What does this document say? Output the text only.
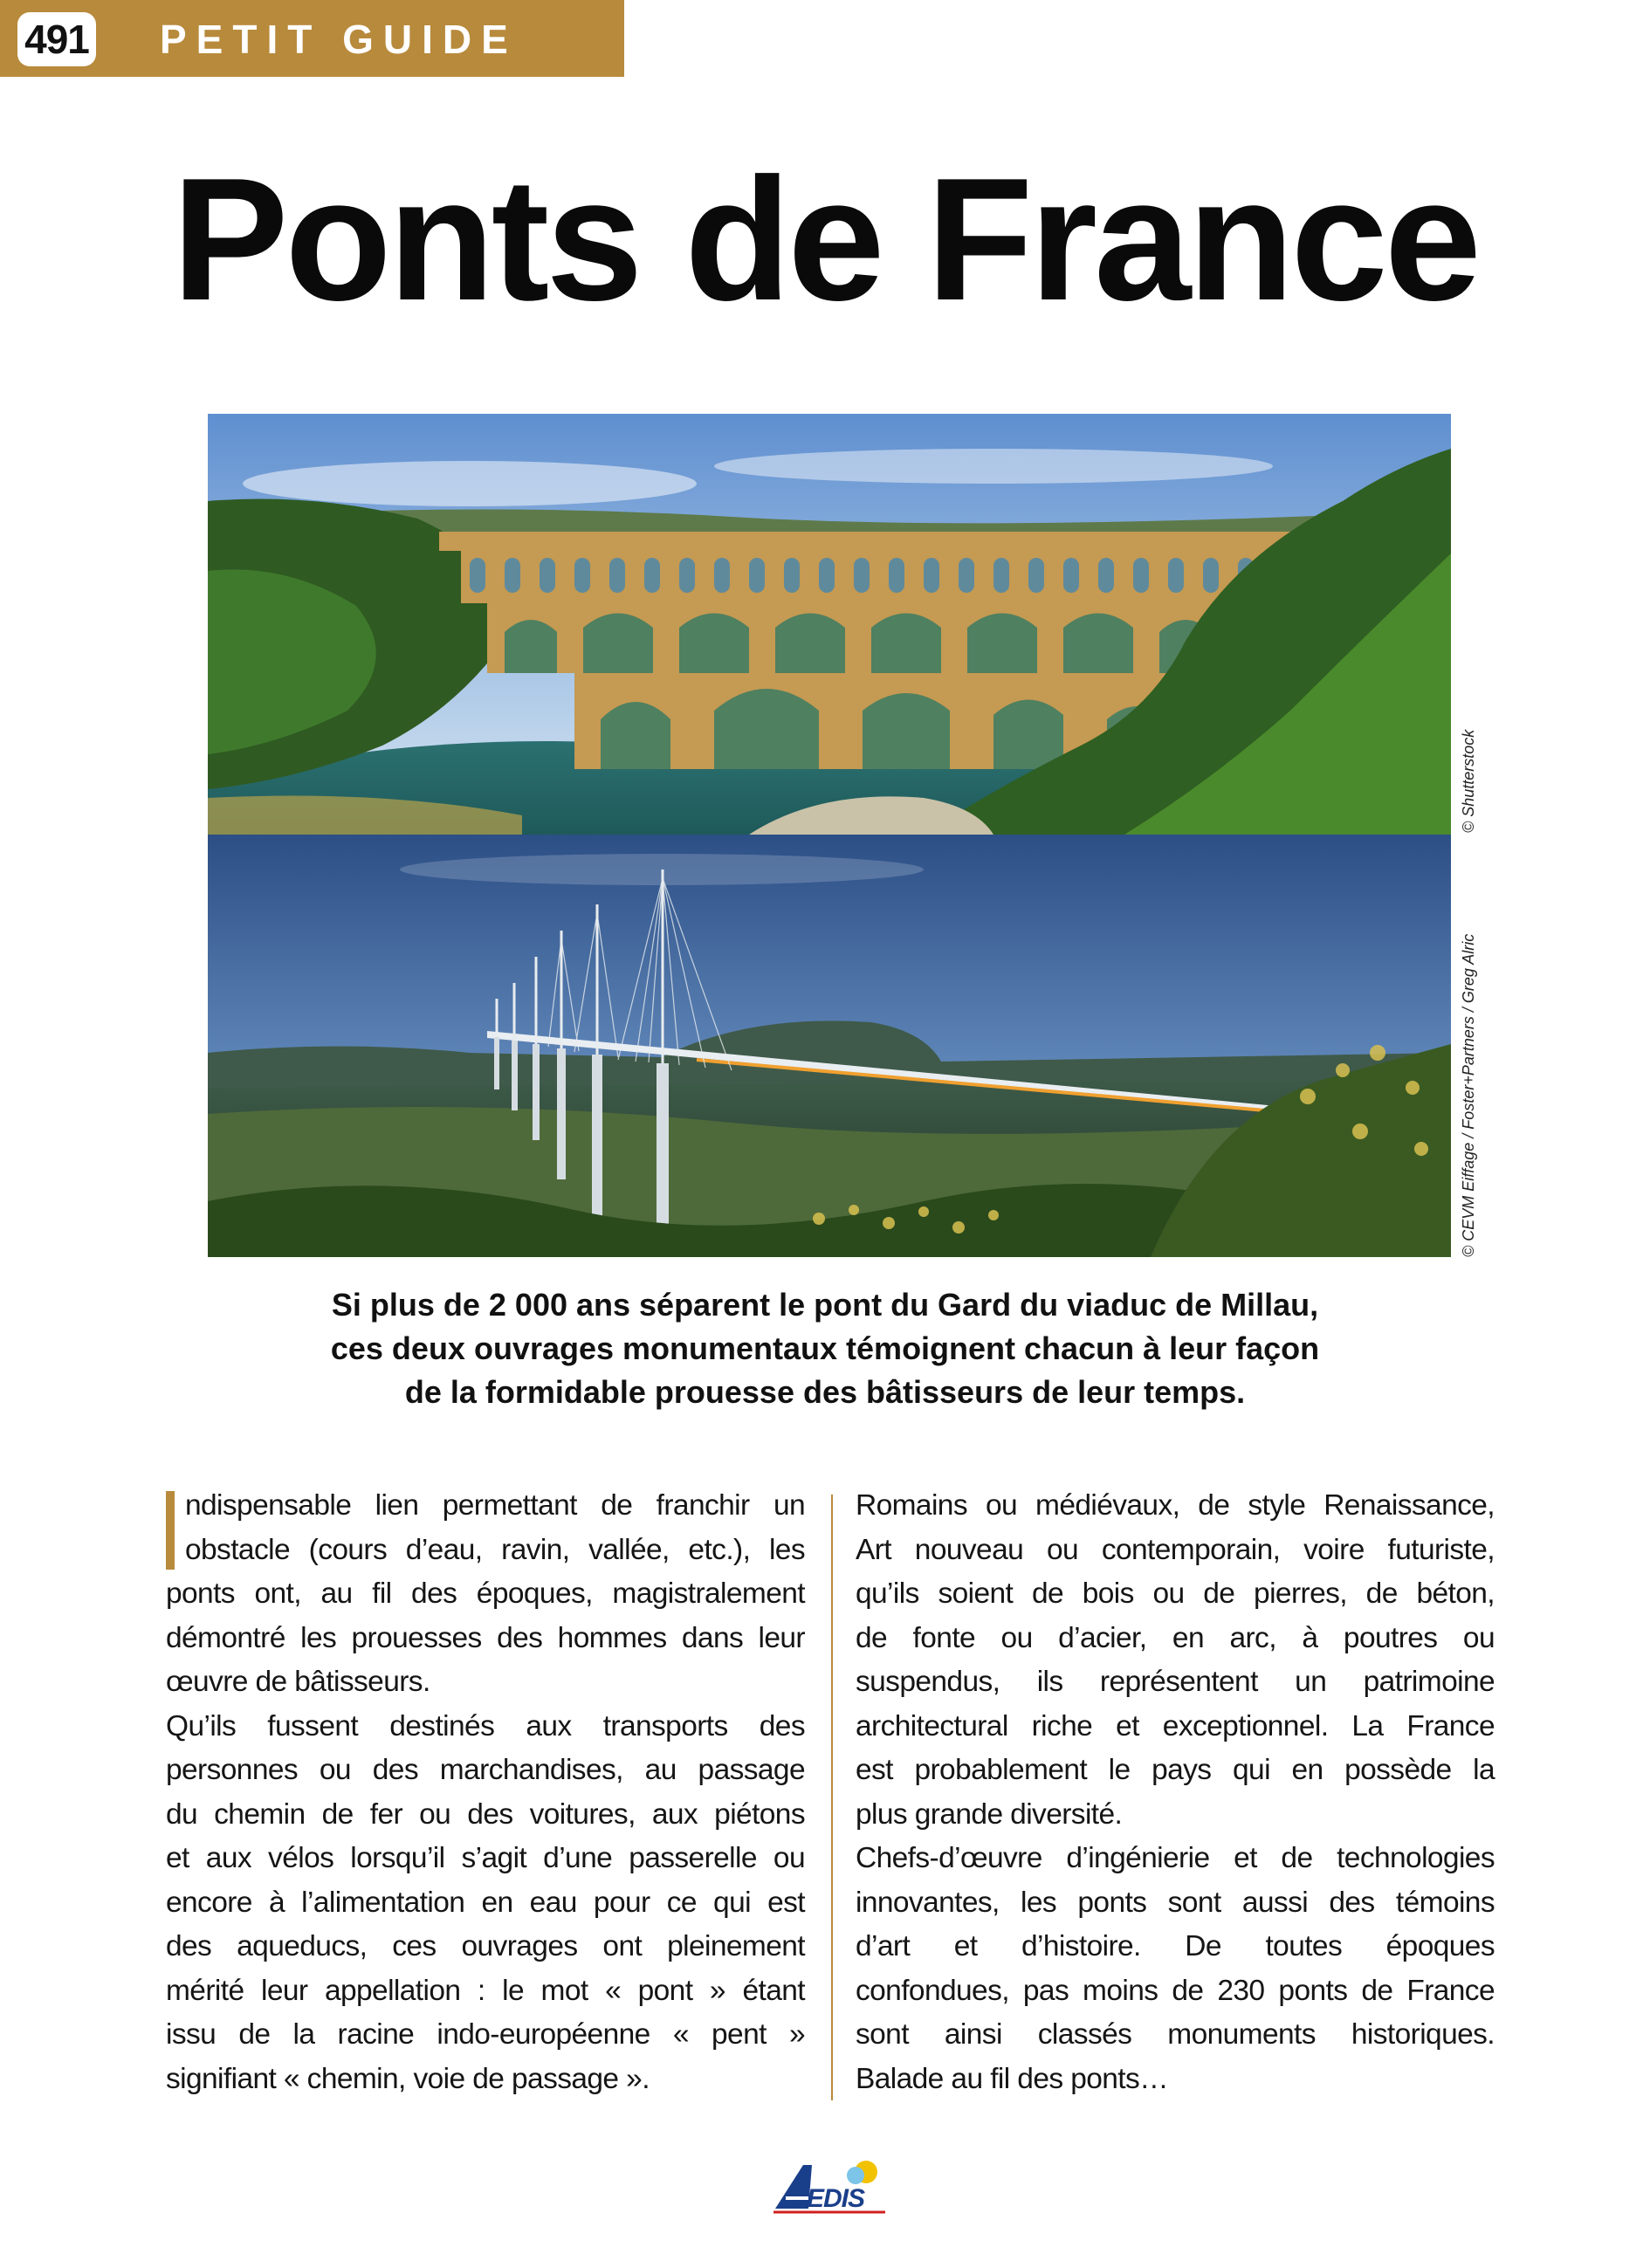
491 PETIT GUIDE
Ponts de France
© Shutterstock
© CEVM Eiffage / Foster+Partners / Greg Alric
Si plus de 2 000 ans séparent le pont du Gard du viaduc de Millau,
ces deux ouvrages monumentaux témoignent chacun à leur façon
de la formidable prouesse des bâtisseurs de leur temps.
ndispensable lien permettant de franchir un
obstacle (cours d’eau, ravin, vallée, etc.), les
ponts ont, au fil des époques, magistralement
démontré les prouesses des hommes dans leur
œuvre de bâtisseurs.
Qu’ils fussent destinés aux transports des
personnes ou des marchandises, au passage
du chemin de fer ou des voitures, aux piétons
et aux vélos lorsqu’il s’agit d’une passerelle ou
encore à l’alimentation en eau pour ce qui est
des aqueducs, ces ouvrages ont pleinement
mérité leur appellation : le mot « pont » étant
issu de la racine indo-européenne « pent »
signifiant « chemin, voie de passage ».
Romains ou médiévaux, de style Renaissance,
Art nouveau ou contemporain, voire futuriste,
qu’ils soient de bois ou de pierres, de béton,
de fonte ou d’acier, en arc, à poutres ou
suspendus, ils représentent un patrimoine
architectural riche et exceptionnel. La France
est probablement le pays qui en possède la
plus grande diversité.
Chefs-d’œuvre d’ingénierie et de technologies
innovantes, les ponts sont aussi des témoins
d’art et d’histoire. De toutes époques
confondues, pas moins de 230 ponts de France
sont ainsi classés monuments historiques.
Balade au fil des ponts…
EDIS
